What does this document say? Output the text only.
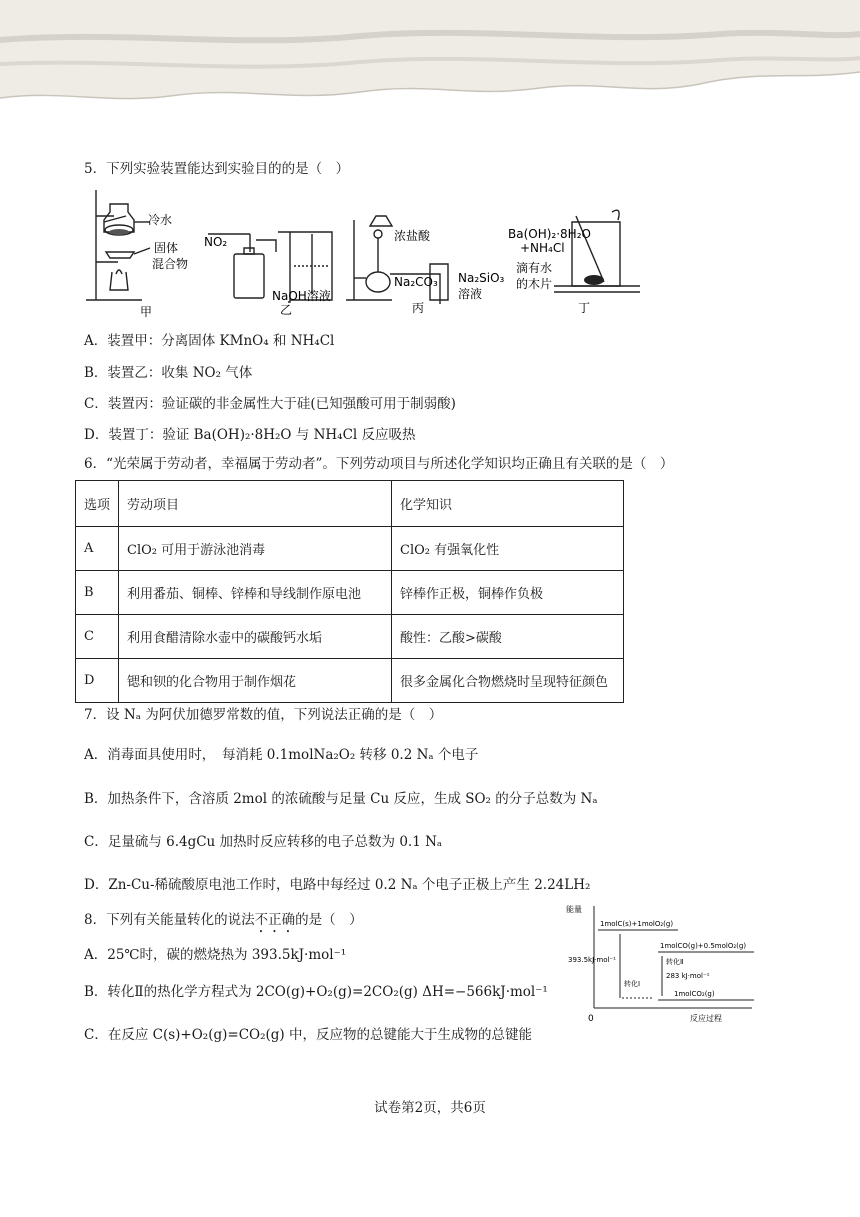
5．下列实验装置能达到实验目的的是（　）
冷水
固体
混合物
甲
NO₂
NaOH溶液
乙
浓盐酸
Na₂CO₃ Na₂SiO₃
溶液
丙
Ba(OH)₂·8H₂O
+NH₄Cl
滴有水
的木片
丁
A．装置甲：分离固体 KMnO₄ 和 NH₄Cl
B．装置乙：收集 NO₂ 气体
C．装置丙：验证碳的非金属性大于硅(已知强酸可用于制弱酸)
D．装置丁：验证 Ba(OH)₂·8H₂O 与 NH₄Cl 反应吸热
6．“光荣属于劳动者，幸福属于劳动者”。下列劳动项目与所述化学知识均正确且有关联的是（　）
选项	劳动项目	化学知识
A	ClO₂ 可用于游泳池消毒	ClO₂ 有强氧化性
B	利用番茄、铜棒、锌棒和导线制作原电池	锌棒作正极，铜棒作负极
C	利用食醋清除水壶中的碳酸钙水垢	酸性：乙酸>碳酸
D	锶和钡的化合物用于制作烟花	很多金属化合物燃烧时呈现特征颜色
7．设 Nₐ 为阿伏加德罗常数的值，下列说法正确的是（　）
A．消毒面具使用时，　每消耗 0.1molNa₂O₂ 转移 0.2 Nₐ 个电子
B．加热条件下，含溶质 2mol 的浓硫酸与足量 Cu 反应，生成 SO₂ 的分子总数为 Nₐ
C．足量硫与 6.4gCu 加热时反应转移的电子总数为 0.1 Nₐ
D．Zn-Cu-稀硫酸原电池工作时，电路中每经过 0.2 Nₐ 个电子正极上产生 2.24LH₂
8．下列有关能量转化的说法不正确的是（　）
A．25℃时，碳的燃烧热为 393.5kJ·mol⁻¹
B．转化Ⅱ的热化学方程式为 2CO(g)+O₂(g)=2CO₂(g) ΔH=−566kJ·mol⁻¹
C．在反应 C(s)+O₂(g)=CO₂(g) 中，反应物的总键能大于生成物的总键能
能量
0	反应过程
1molC(s)+1molO₂(g)
1molCO(g)+0.5molO₂(g)
1molCO₂(g)
393.5kJ·mol⁻¹
283 kJ·mol⁻¹
转化Ⅰ
转化Ⅱ
试卷第2页，共6页
